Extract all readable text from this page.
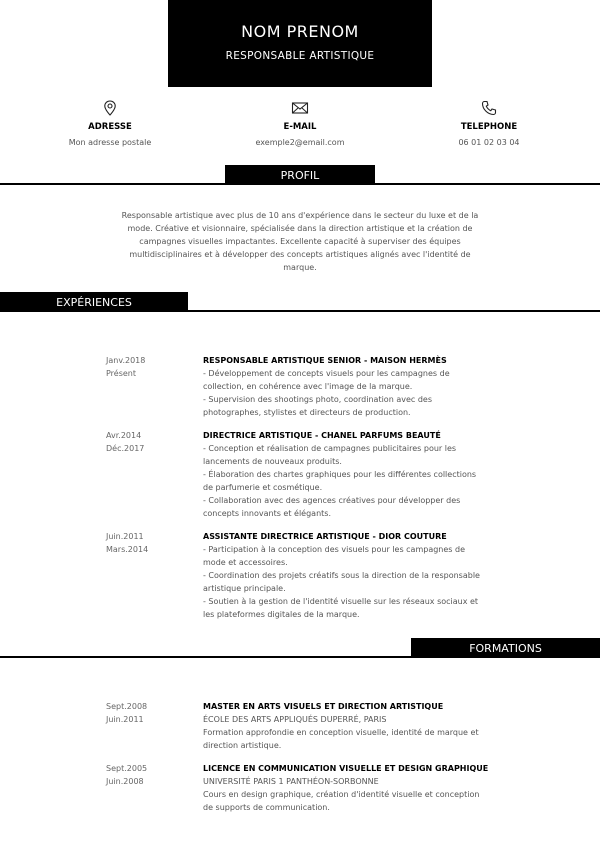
NOM PRENOM
RESPONSABLE ARTISTIQUE
ADRESSE
Mon adresse postale
E-MAIL
exemple2@email.com
TELEPHONE
06 01 02 03 04
PROFIL
Responsable artistique avec plus de 10 ans d'expérience dans le secteur du luxe et de la
mode. Créative et visionnaire, spécialisée dans la direction artistique et la création de
campagnes visuelles impactantes. Excellente capacité à superviser des équipes
multidisciplinaires et à développer des concepts artistiques alignés avec l'identité de
marque.
EXPÉRIENCES
Janv.2018
Présent
RESPONSABLE ARTISTIQUE SENIOR - MAISON HERMÈS
- Développement de concepts visuels pour les campagnes de
collection, en cohérence avec l'image de la marque.
- Supervision des shootings photo, coordination avec des
photographes, stylistes et directeurs de production.
Avr.2014
Déc.2017
DIRECTRICE ARTISTIQUE - CHANEL PARFUMS BEAUTÉ
- Conception et réalisation de campagnes publicitaires pour les
lancements de nouveaux produits.
- Élaboration des chartes graphiques pour les différentes collections
de parfumerie et cosmétique.
- Collaboration avec des agences créatives pour développer des
concepts innovants et élégants.
Juin.2011
Mars.2014
ASSISTANTE DIRECTRICE ARTISTIQUE - DIOR COUTURE
- Participation à la conception des visuels pour les campagnes de
mode et accessoires.
- Coordination des projets créatifs sous la direction de la responsable
artistique principale.
- Soutien à la gestion de l'identité visuelle sur les réseaux sociaux et
les plateformes digitales de la marque.
FORMATIONS
Sept.2008
Juin.2011
MASTER EN ARTS VISUELS ET DIRECTION ARTISTIQUE
ÉCOLE DES ARTS APPLIQUÉS DUPERRÉ, PARIS
Formation approfondie en conception visuelle, identité de marque et
direction artistique.
Sept.2005
Juin.2008
LICENCE EN COMMUNICATION VISUELLE ET DESIGN GRAPHIQUE
UNIVERSITÉ PARIS 1 PANTHÉON-SORBONNE
Cours en design graphique, création d'identité visuelle et conception
de supports de communication.
